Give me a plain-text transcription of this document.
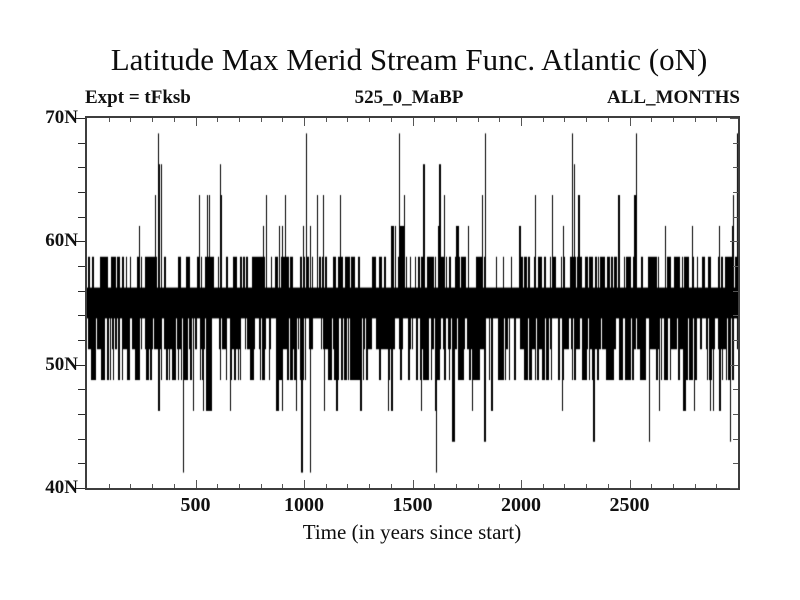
Latitude Max Merid Stream Func. Atlantic (oN)
Expt = tFksb	525_0_MaBP	ALL_MONTHS
Time (in years since start)
500	1000	1500	2000	2500
40N
50N
60N
70N
